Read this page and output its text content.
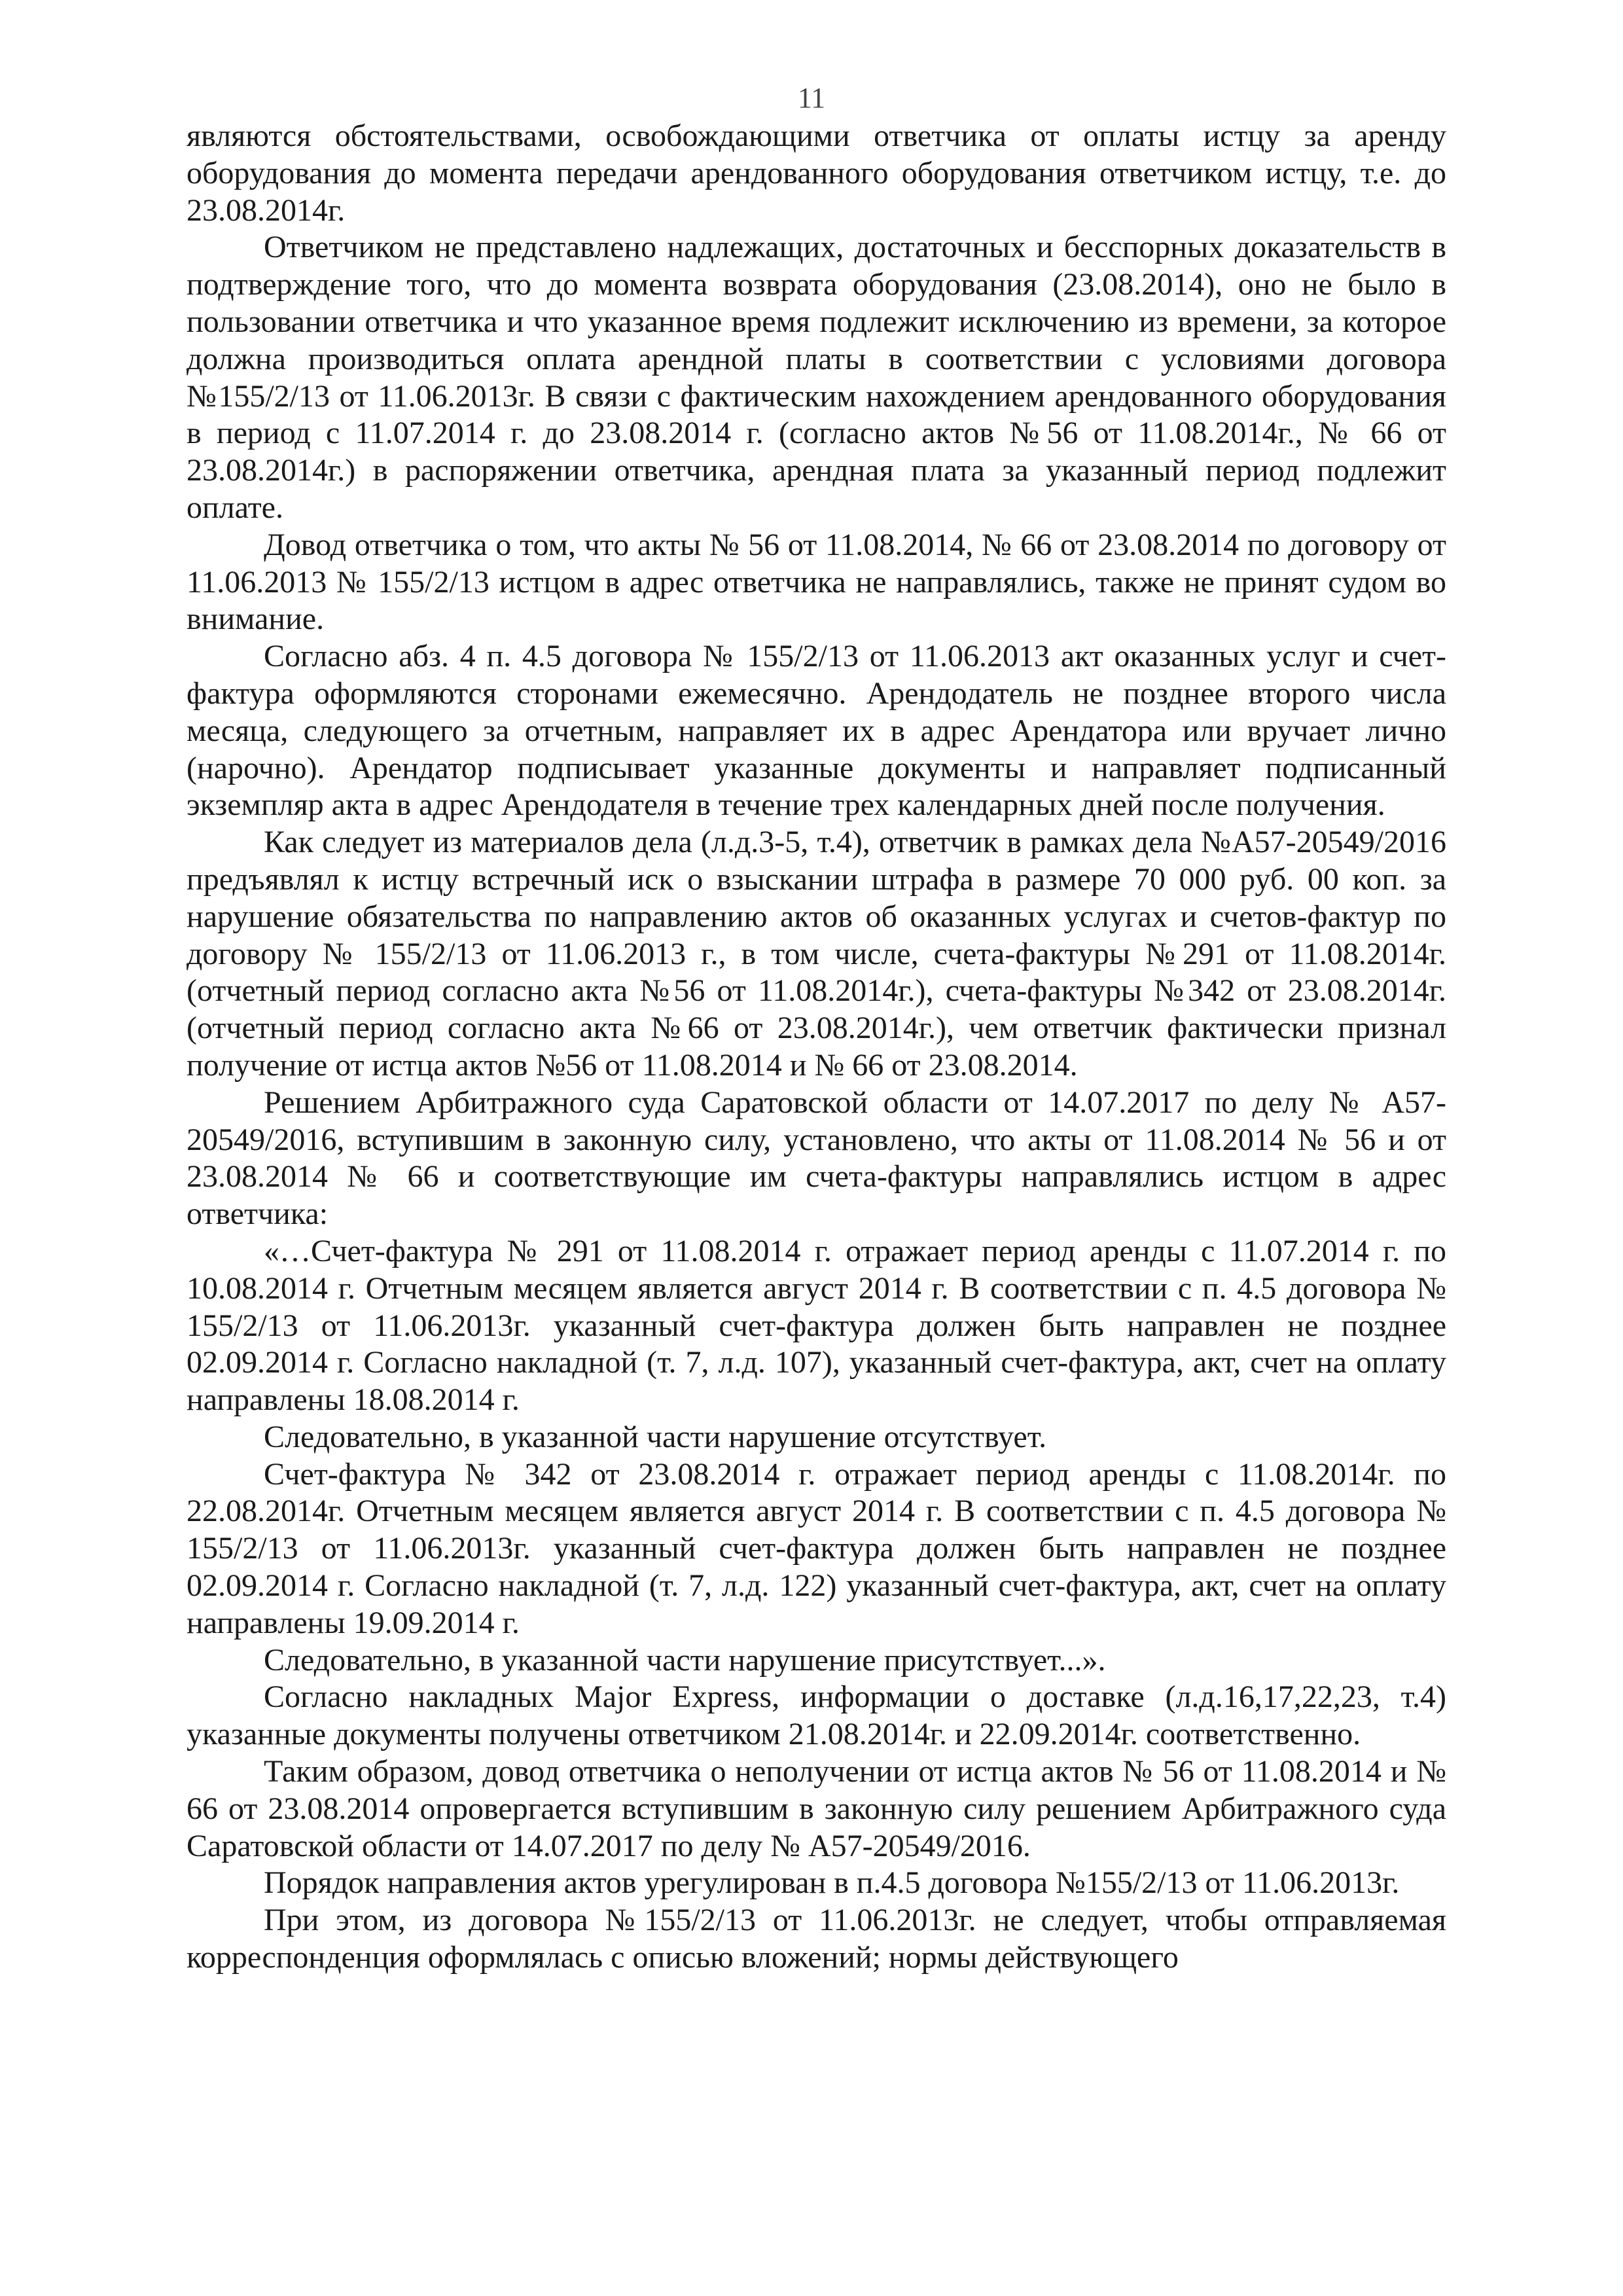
11

являются обстоятельствами, освобождающими ответчика от оплаты истцу за аренду оборудования до момента передачи арендованного оборудования ответчиком истцу, т.е. до 23.08.2014г.

Ответчиком не представлено надлежащих, достаточных и бесспорных доказательств в подтверждение того, что до момента возврата оборудования (23.08.2014), оно не было в пользовании ответчика и что указанное время подлежит исключению из времени, за которое должна производиться оплата арендной платы в соответствии с условиями договора №155/2/13 от 11.06.2013г. В связи с фактическим нахождением арендованного оборудования в период с 11.07.2014 г. до 23.08.2014 г. (согласно актов №56 от 11.08.2014г., № 66 от 23.08.2014г.) в распоряжении ответчика, арендная плата за указанный период подлежит оплате.

Довод ответчика о том, что акты № 56 от 11.08.2014, № 66 от 23.08.2014 по договору от 11.06.2013 № 155/2/13 истцом в адрес ответчика не направлялись, также не принят судом во внимание.

Согласно абз. 4 п. 4.5 договора № 155/2/13 от 11.06.2013 акт оказанных услуг и счет-фактура оформляются сторонами ежемесячно. Арендодатель не позднее второго числа месяца, следующего за отчетным, направляет их в адрес Арендатора или вручает лично (нарочно). Арендатор подписывает указанные документы и направляет подписанный экземпляр акта в адрес Арендодателя в течение трех календарных дней после получения.

Как следует из материалов дела (л.д.3-5, т.4), ответчик в рамках дела №А57-20549/2016 предъявлял к истцу встречный иск о взыскании штрафа в размере 70 000 руб. 00 коп. за нарушение обязательства по направлению актов об оказанных услугах и счетов-фактур по договору № 155/2/13 от 11.06.2013 г., в том числе, счета-фактуры №291 от 11.08.2014г. (отчетный период согласно акта №56 от 11.08.2014г.), счета-фактуры №342 от 23.08.2014г. (отчетный период согласно акта №66 от 23.08.2014г.), чем ответчик фактически признал получение от истца актов №56 от 11.08.2014 и № 66 от 23.08.2014.

Решением Арбитражного суда Саратовской области от 14.07.2017 по делу № А57-20549/2016, вступившим в законную силу, установлено, что акты от 11.08.2014 № 56 и от 23.08.2014 № 66 и соответствующие им счета-фактуры направлялись истцом в адрес ответчика:

«…Счет-фактура № 291 от 11.08.2014 г. отражает период аренды с 11.07.2014 г. по 10.08.2014 г. Отчетным месяцем является август 2014 г. В соответствии с п. 4.5 договора № 155/2/13 от 11.06.2013г. указанный счет-фактура должен быть направлен не позднее 02.09.2014 г. Согласно накладной (т. 7, л.д. 107), указанный счет-фактура, акт, счет на оплату направлены 18.08.2014 г.

Следовательно, в указанной части нарушение отсутствует.

Счет-фактура № 342 от 23.08.2014 г. отражает период аренды с 11.08.2014г. по 22.08.2014г. Отчетным месяцем является август 2014 г. В соответствии с п. 4.5 договора № 155/2/13 от 11.06.2013г. указанный счет-фактура должен быть направлен не позднее 02.09.2014 г. Согласно накладной (т. 7, л.д. 122) указанный счет-фактура, акт, счет на оплату направлены 19.09.2014 г.

Следовательно, в указанной части нарушение присутствует...».

Согласно накладных Major Express, информации о доставке (л.д.16,17,22,23, т.4) указанные документы получены ответчиком 21.08.2014г. и 22.09.2014г. соответственно.

Таким образом, довод ответчика о неполучении от истца актов № 56 от 11.08.2014 и № 66 от 23.08.2014 опровергается вступившим в законную силу решением Арбитражного суда Саратовской области от 14.07.2017 по делу № А57-20549/2016.

Порядок направления актов урегулирован в п.4.5 договора №155/2/13 от 11.06.2013г.

При этом, из договора №155/2/13 от 11.06.2013г. не следует, чтобы отправляемая корреспонденция оформлялась с описью вложений; нормы действующего
